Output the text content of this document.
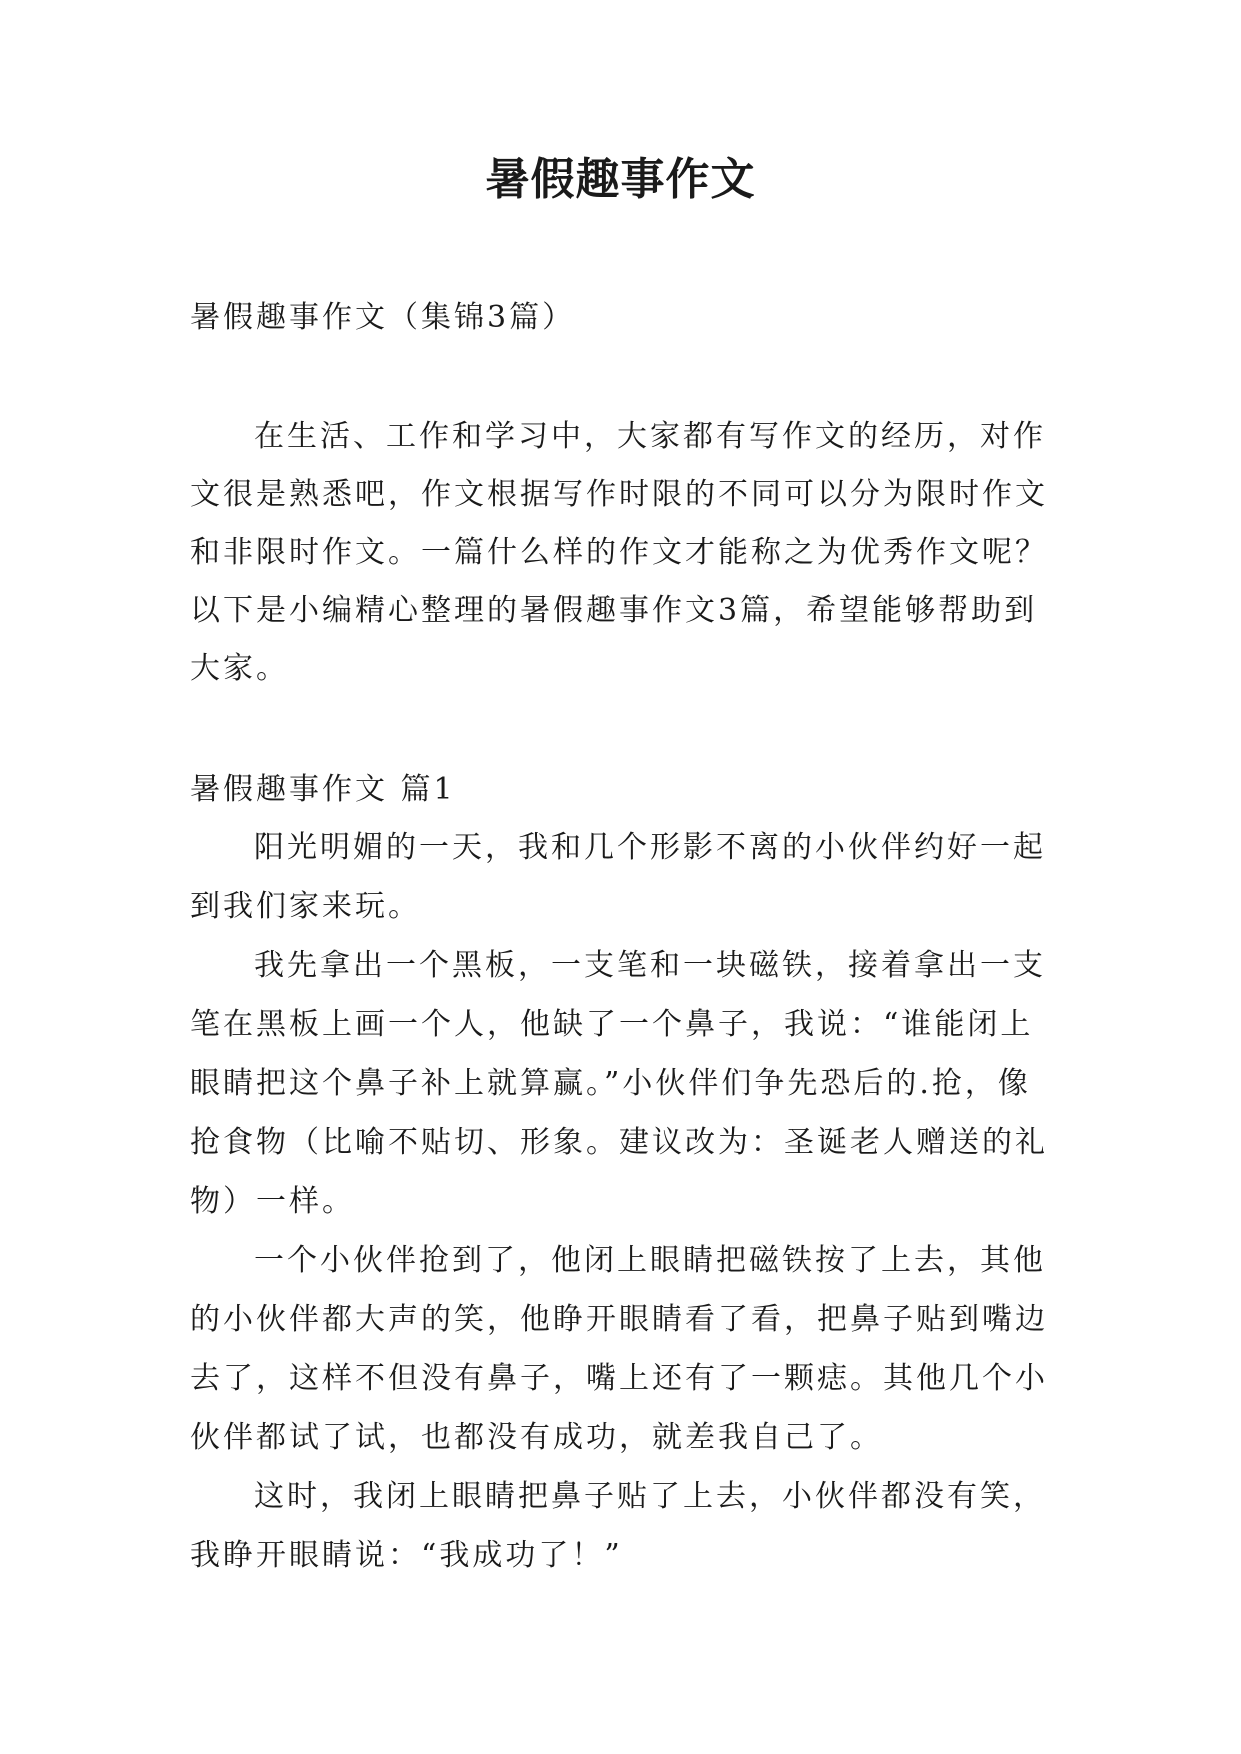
暑假趣事作文
暑假趣事作文（集锦3篇）

在生活、工作和学习中，大家都有写作文的经历，对作文很是熟悉吧，作文根据写作时限的不同可以分为限时作文和非限时作文。一篇什么样的作文才能称之为优秀作文呢？以下是小编精心整理的暑假趣事作文3篇，希望能够帮助到大家。

暑假趣事作文 篇1

阳光明媚的一天，我和几个形影不离的小伙伴约好一起到我们家来玩。

我先拿出一个黑板，一支笔和一块磁铁，接着拿出一支笔在黑板上画一个人，他缺了一个鼻子，我说：“谁能闭上眼睛把这个鼻子补上就算赢。”小伙伴们争先恐后的.抢，像抢食物（比喻不贴切、形象。建议改为：圣诞老人赠送的礼物）一样。

一个小伙伴抢到了，他闭上眼睛把磁铁按了上去，其他的小伙伴都大声的笑，他睁开眼睛看了看，把鼻子贴到嘴边去了，这样不但没有鼻子，嘴上还有了一颗痣。其他几个小伙伴都试了试，也都没有成功，就差我自己了。

这时，我闭上眼睛把鼻子贴了上去，小伙伴都没有笑，我睁开眼睛说：“我成功了！”
